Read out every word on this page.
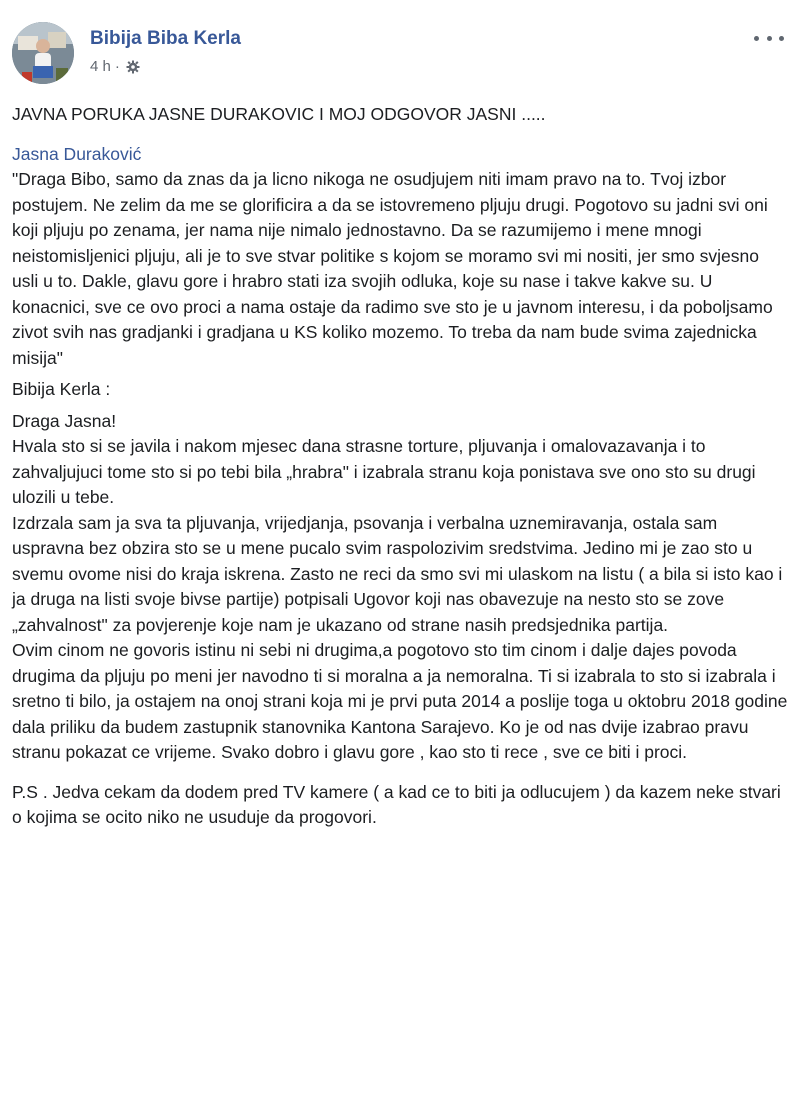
Bibija Biba Kerla
4 h ·

JAVNA PORUKA JASNE DURAKOVIC I MOJ ODGOVOR JASNI .....

Jasna Duraković

"Draga Bibo, samo da znas da ja licno nikoga ne osudjujem niti imam pravo na to. Tvoj izbor postujem. Ne zelim da me se glorificira a da se istovremeno pljuju drugi. Pogotovo su jadni svi oni koji pljuju po zenama, jer nama nije nimalo jednostavno. Da se razumijemo i mene mnogi neistomisljenici pljuju, ali je to sve stvar politike s kojom se moramo svi mi nositi, jer smo svjesno usli u to. Dakle, glavu gore i hrabro stati iza svojih odluka, koje su nase i takve kakve su. U konacnici, sve ce ovo proci a nama ostaje da radimo sve sto je u javnom interesu, i da poboljsamo zivot svih nas gradjanki i gradjana u KS koliko mozemo. To treba da nam bude svima zajednicka misija"

Bibija Kerla :

Draga Jasna!

Hvala sto si se javila i nakom mjesec dana strasne torture, pljuvanja i omalovazavanja i to zahvaljujuci tome sto si po tebi bila „hrabra" i izabrala stranu koja ponistava sve ono sto su drugi ulozili u tebe.

Izdrzala sam ja sva ta pljuvanja, vrijedjanja, psovanja i verbalna uznemiravanja, ostala sam uspravna bez obzira sto se u mene pucalo svim raspolozivim sredstvima. Jedino mi je zao sto u svemu ovome nisi do kraja iskrena. Zasto ne reci da smo svi mi ulaskom na listu ( a bila si isto kao i ja druga na listi svoje bivse partije) potpisali Ugovor koji nas obavezuje na nesto sto se zove „zahvalnost" za povjerenje koje nam je ukazano od strane nasih predsjednika partija.

Ovim cinom ne govoris istinu ni sebi ni drugima,a pogotovo sto tim cinom i dalje dajes povoda drugima da pljuju po meni jer navodno ti si moralna a ja nemoralna. Ti si izabrala to sto si izabrala i sretno ti bilo, ja ostajem na onoj strani koja mi je prvi puta 2014 a poslije toga u oktobru 2018 godine dala priliku da budem zastupnik stanovnika Kantona Sarajevo. Ko je od nas dvije izabrao pravu stranu pokazat ce vrijeme. Svako dobro i glavu gore , kao sto ti rece , sve ce biti i proci.

P.S . Jedva cekam da dodem pred TV kamere ( a kad ce to biti ja odlucujem ) da kazem neke stvari o kojima se ocito niko ne usuduje da progovori.
